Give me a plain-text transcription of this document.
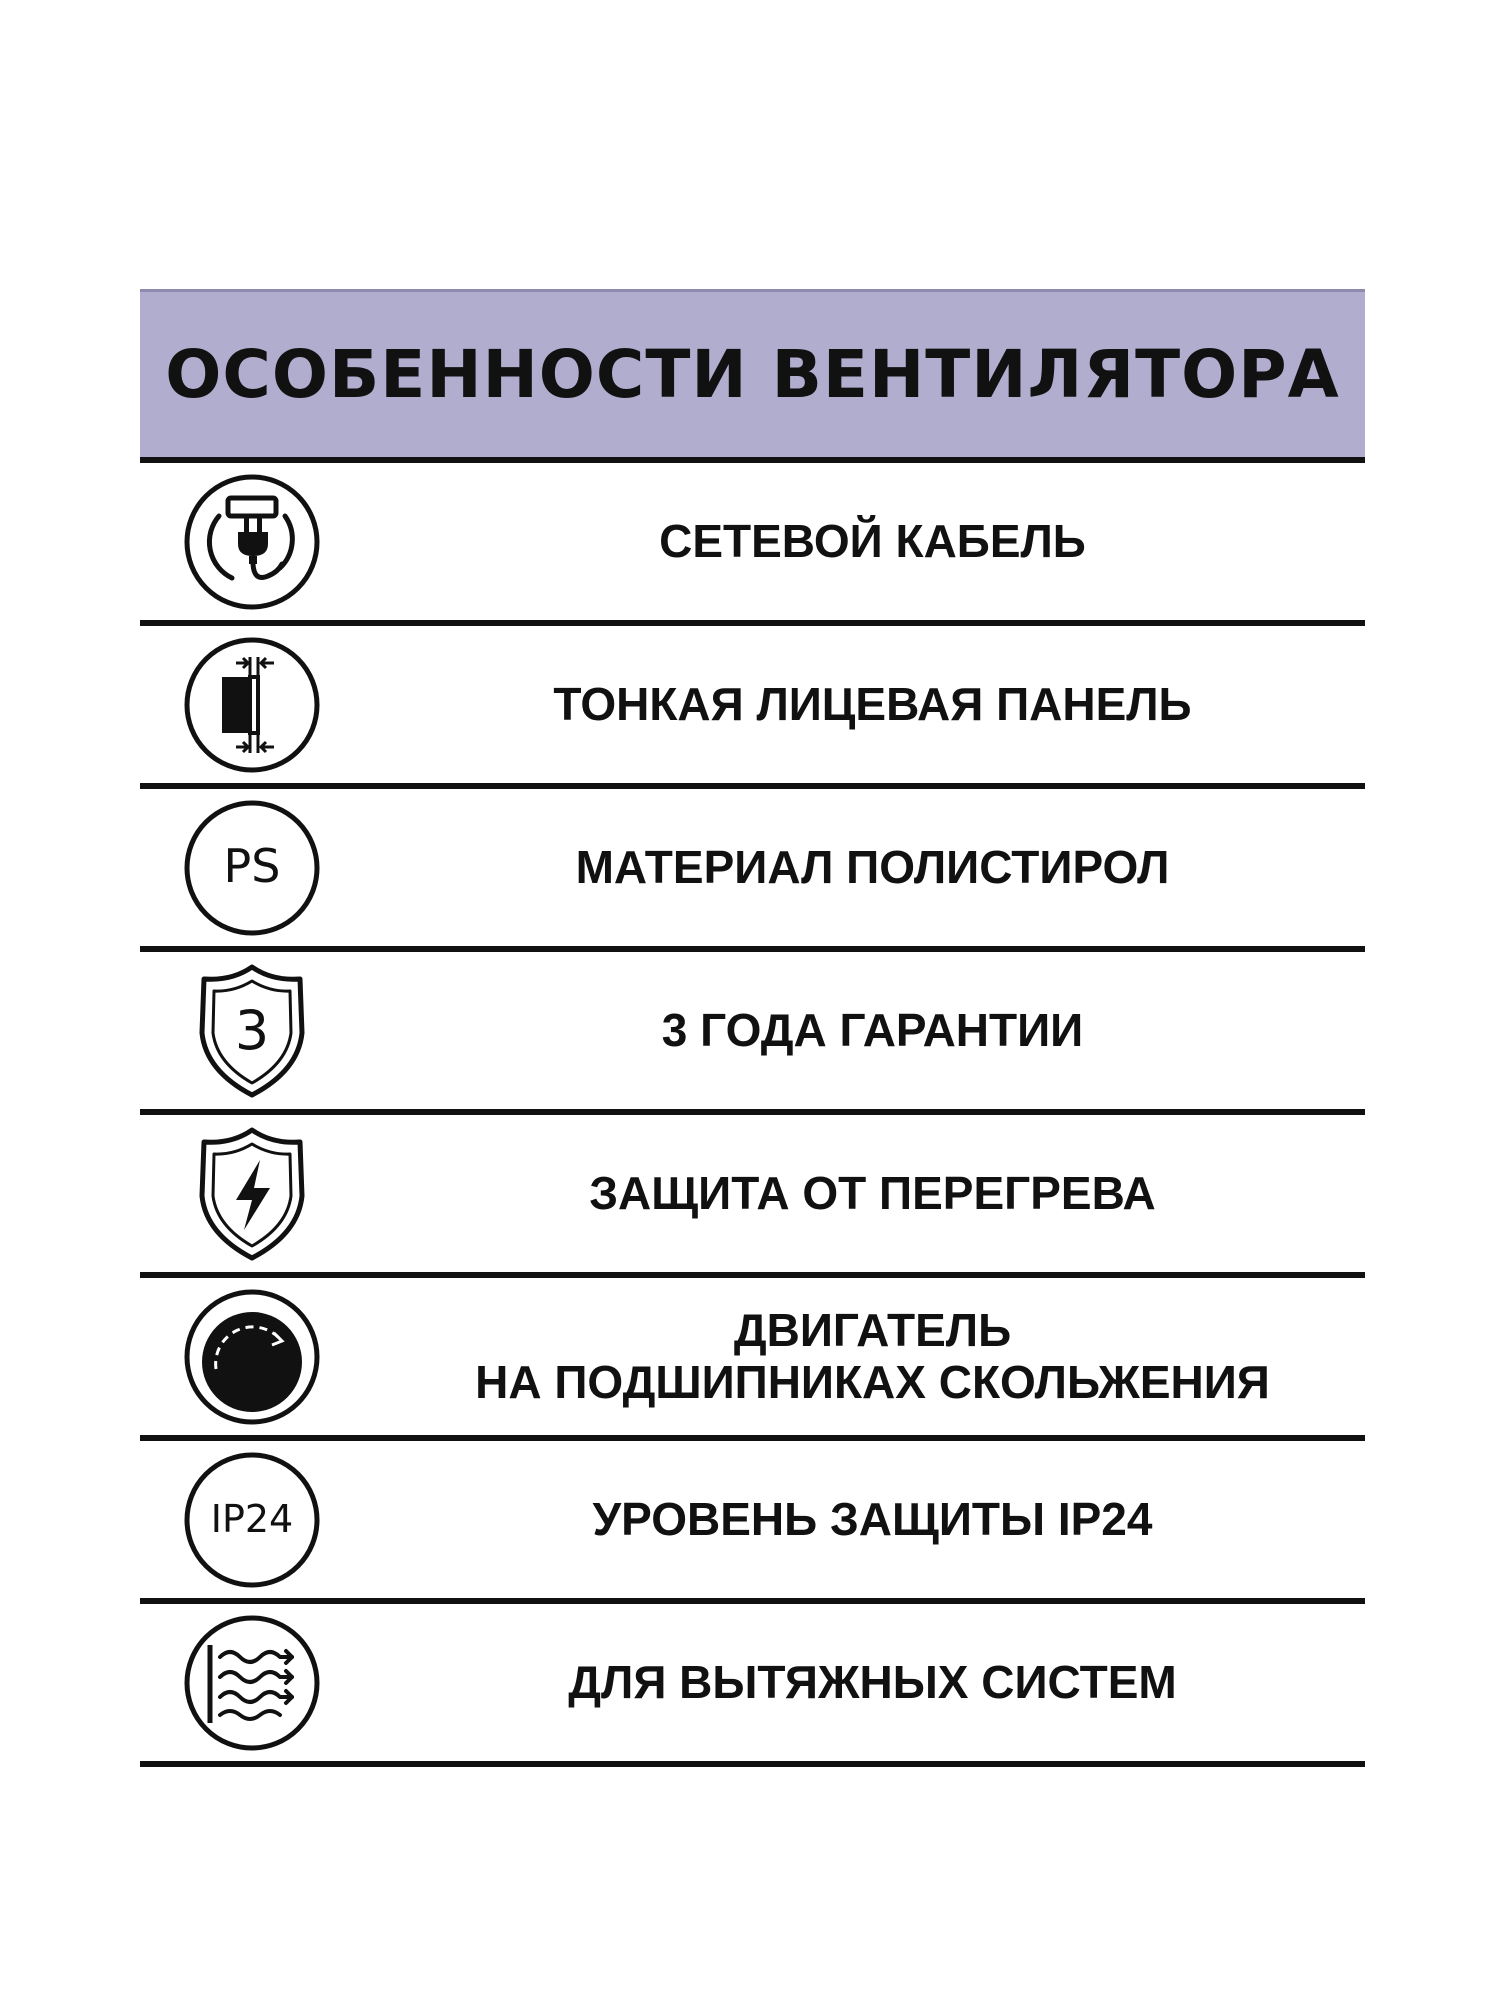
ОСОБЕННОСТИ ВЕНТИЛЯТОРА
СЕТЕВОЙ КАБЕЛЬ
ТОНКАЯ ЛИЦЕВАЯ ПАНЕЛЬ
PS	МАТЕРИАЛ ПОЛИСТИРОЛ
3	3 ГОДА ГАРАНТИИ
ЗАЩИТА ОТ ПЕРЕГРЕВА
ДВИГАТЕЛЬ
НА ПОДШИПНИКАХ СКОЛЬЖЕНИЯ
IP24	УРОВЕНЬ ЗАЩИТЫ IP24
ДЛЯ ВЫТЯЖНЫХ СИСТЕМ
